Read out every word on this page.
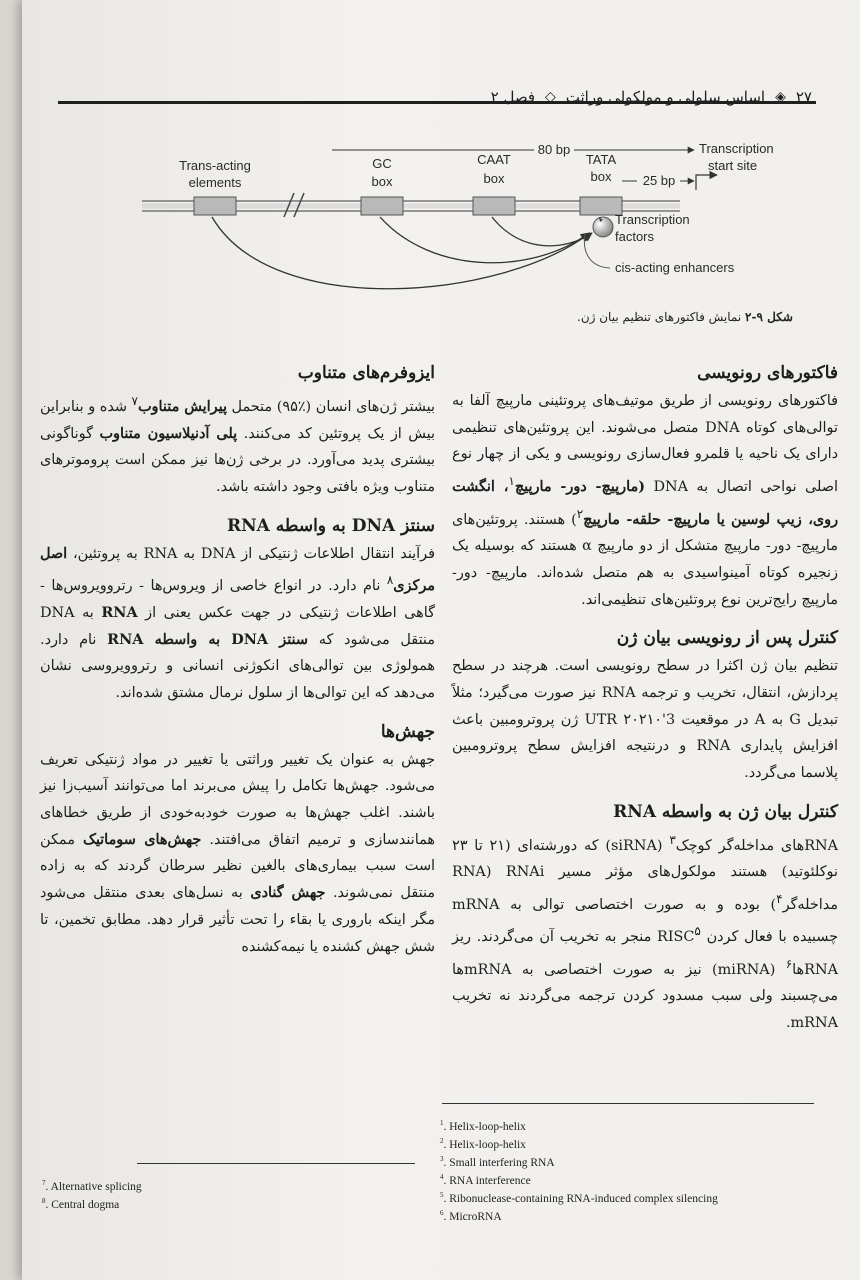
۲۷
◈
اساس سلولی و مولکولی وراثت
◇
فصل ۲
Trans-acting
elements
GC
box
CAAT
box
TATA
box
80 bp
25 bp
Transcription
start site
Transcription
factors
cis-acting enhancers
شکل ۹-۲ نمایش فاکتورهای تنظیم بیان ژن.

فاکتورهای رونویسی

فاکتورهای رونویسی از طریق موتیف‌های پروتئینی مارپیچ آلفا به توالی‌های کوتاه DNA متصل می‌شوند. این پروتئین‌های تنظیمی دارای یک ناحیه یا قلمرو فعال‌سازی رونویسی و یکی از چهار نوع اصلی نواحی اتصال به DNA (مارپیچ- دور- مارپیچ$^۱$، انگشت روی، زیپ لوسین یا مارپیچ- حلقه- مارپیچ$^۲$) هستند. پروتئین‌های مارپیچ- دور- مارپیچ متشکل از دو مارپیچ α هستند که بوسیله یک زنجیره کوتاه آمینواسیدی به هم متصل شده‌اند. مارپیچ- دور- مارپیچ رایج‌ترین نوع پروتئین‌های تنظیمی‌اند.

کنترل پس از رونویسی بیان ژن

تنظیم بیان ژن اکثرا در سطح رونویسی است. هرچند در سطح پردازش، انتقال، تخریب و ترجمه RNA نیز صورت می‌گیرد؛ مثلاً تبدیل G به A در موقعیت 3'UTR ۲۰۲۱۰ ژن پروترومبین باعث افزایش پایداری RNA و درنتیجه افزایش سطح پروترومبین پلاسما می‌گردد.

کنترل بیان ژن به واسطه RNA

RNAهای مداخله‌گر کوچک$^۳$ (siRNA) که دورشته‌ای (۲۱ تا ۲۳ نوکلئوتید) هستند مولکول‌های مؤثر مسیر RNAi (RNA مداخله‌گر$^۴$) بوده و به صورت اختصاصی توالی به mRNA چسبیده با فعال کردن RISC$^۵$ منجر به تخریب آن می‌گردند. ریز RNAها$^۶$ (miRNA) نیز به صورت اختصاصی به mRNAها می‌چسبند ولی سبب مسدود کردن ترجمه می‌گردند نه تخریب mRNA.

ایزوفرم‌های متناوب

بیشتر ژن‌های انسان (٪۹۵) متحمل پیرایش متناوب$^۷$ شده و بنابراین بیش از یک پروتئین کد می‌کنند. پلی آدنیلاسیون متناوب گوناگونی بیشتری پدید می‌آورد. در برخی ژن‌ها نیز ممکن است پروموترهای متناوب ویژه بافتی وجود داشته باشد.

سنتز DNA به واسطه RNA

فرآیند انتقال اطلاعات ژنتیکی از DNA به RNA به پروتئین، اصل مرکزی$^۸$ نام دارد. در انواع خاصی از ویروس‌ها - رتروویروس‌ها - گاهی اطلاعات ژنتیکی در جهت عکس یعنی از RNA به DNA منتقل می‌شود که سنتز DNA به واسطه RNA نام دارد. همولوژی بین توالی‌های انکوژنی انسانی و رتروویروسی نشان می‌دهد که این توالی‌ها از سلول نرمال مشتق شده‌اند.

جهش‌ها

جهش به عنوان یک تغییر وراثتی یا تغییر در مواد ژنتیکی تعریف می‌شود. جهش‌ها تکامل را پیش می‌برند اما می‌توانند آسیب‌زا نیز باشند. اغلب جهش‌ها به صورت خودبه‌خودی از طریق خطاهای همانندسازی و ترمیم اتفاق می‌افتند. جهش‌های سوماتیک ممکن است سبب بیماری‌های بالغین نظیر سرطان گردند که به زاده منتقل نمی‌شوند. جهش گنادی به نسل‌های بعدی منتقل می‌شود مگر اینکه باروری یا بقاء را تحت تأثیر قرار دهد. مطابق تخمین، تا شش جهش کشنده یا نیمه‌کشنده

$^1$. Helix-loop-helix
$^2$. Helix-loop-helix
$^3$. Small interfering RNA
$^4$. RNA interference
$^5$. Ribonuclease-containing RNA-induced complex silencing
$^6$. MicroRNA
$^7$. Alternative splicing
$^8$. Central dogma
